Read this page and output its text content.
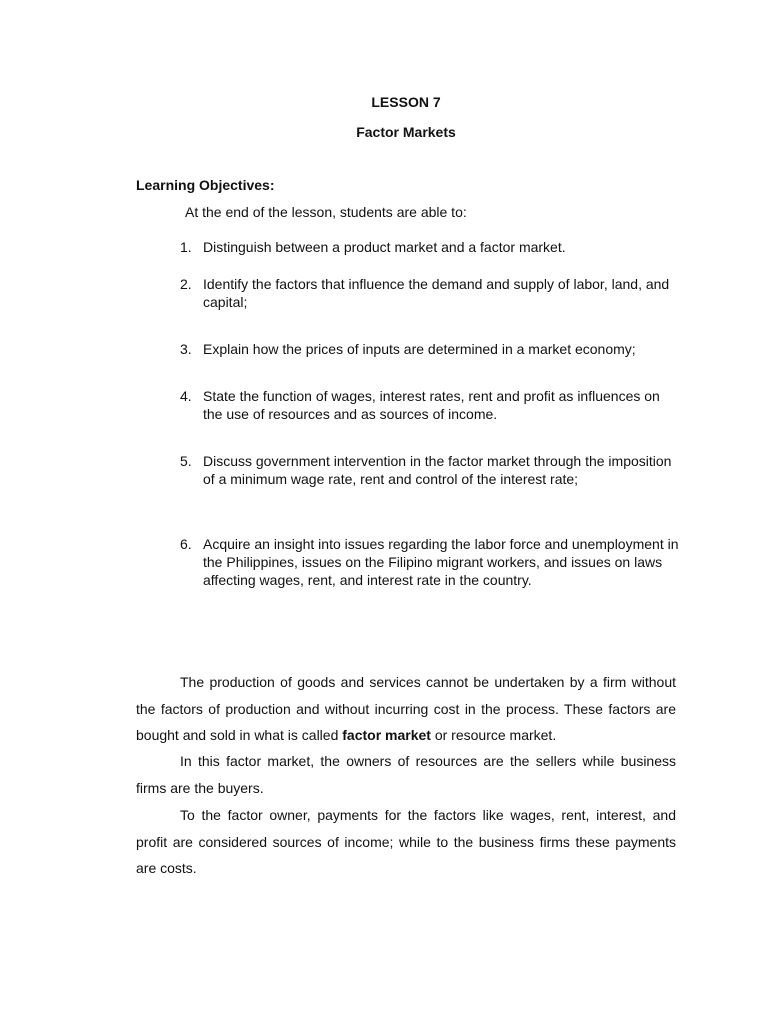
LESSON 7
Factor Markets
Learning Objectives:
At the end of the lesson, students are able to:
1. Distinguish between a product market and a factor market.
2. Identify the factors that influence the demand and supply of labor, land, and capital;
3. Explain how the prices of inputs are determined in a market economy;
4. State the function of wages, interest rates, rent and profit as influences on the use of resources and as sources of income.
5. Discuss government intervention in the factor market through the imposition of a minimum wage rate, rent and control of the interest rate;
6. Acquire an insight into issues regarding the labor force and unemployment in the Philippines, issues on the Filipino migrant workers, and issues on laws affecting wages, rent, and interest rate in the country.

The production of goods and services cannot be undertaken by a firm without the factors of production and without incurring cost in the process. These factors are bought and sold in what is called factor market or resource market.

In this factor market, the owners of resources are the sellers while business firms are the buyers.

To the factor owner, payments for the factors like wages, rent, interest, and profit are considered sources of income; while to the business firms these payments are costs.
